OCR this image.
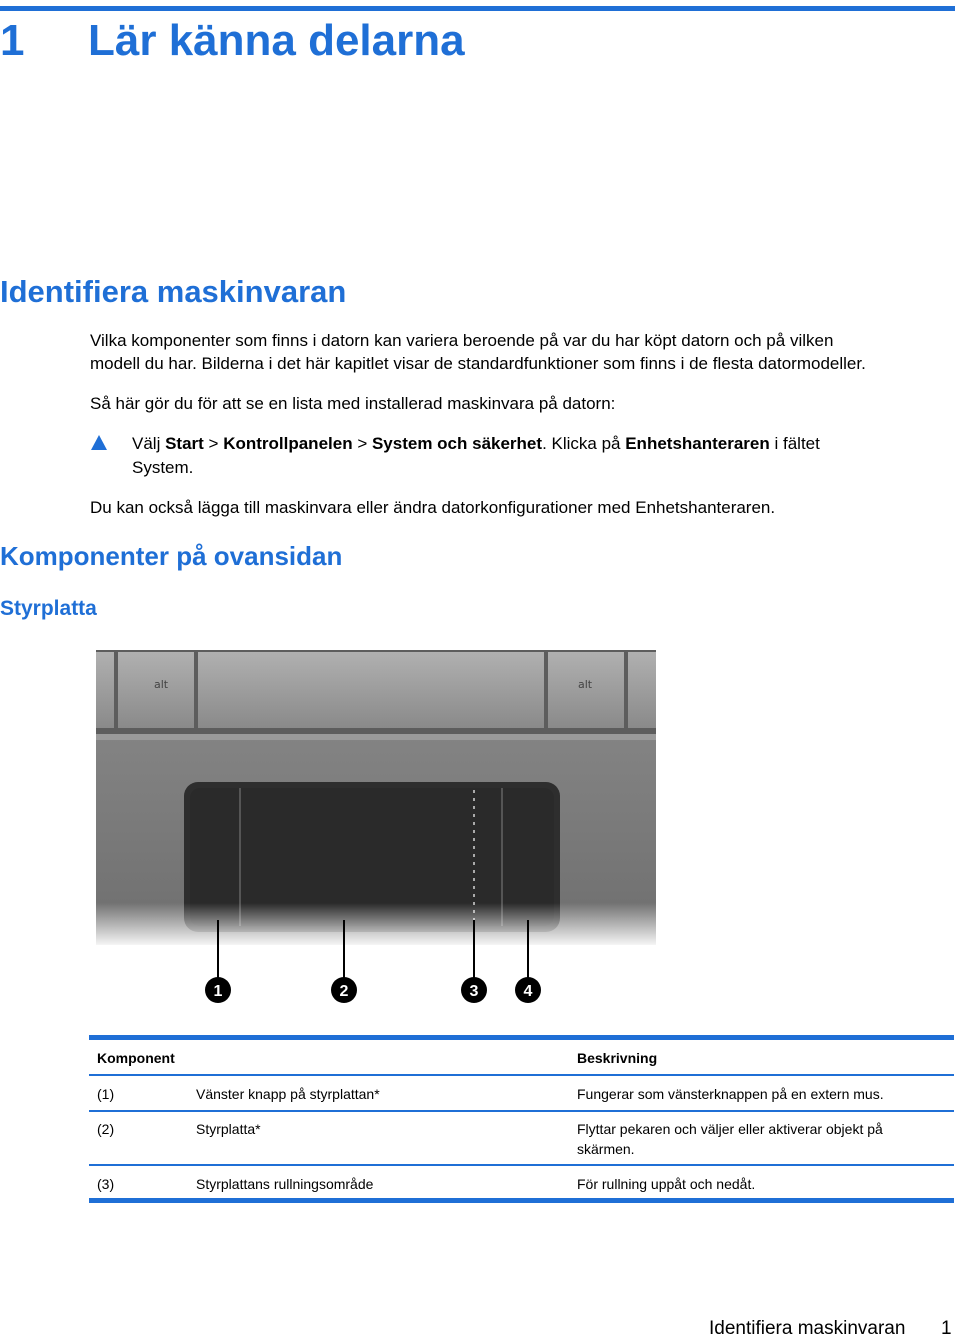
1 Lär känna delarna
Identifiera maskinvaran
Vilka komponenter som finns i datorn kan variera beroende på var du har köpt datorn och på vilken
modell du har. Bilderna i det här kapitlet visar de standardfunktioner som finns i de flesta datormodeller.
Så här gör du för att se en lista med installerad maskinvara på datorn:
Välj Start > Kontrollpanelen > System och säkerhet. Klicka på Enhetshanteraren i fältet
System.
Du kan också lägga till maskinvara eller ändra datorkonfigurationer med Enhetshanteraren.
Komponenter på ovansidan
Styrplatta
alt	alt
1	2	3	4
Komponent	Beskrivning
(1)	Vänster knapp på styrplattan*	Fungerar som vänsterknappen på en extern mus.
(2)	Styrplatta*	Flyttar pekaren och väljer eller aktiverar objekt på skärmen.
(3)	Styrplattans rullningsområde	För rullning uppåt och nedåt.
Identifiera maskinvaran 1
